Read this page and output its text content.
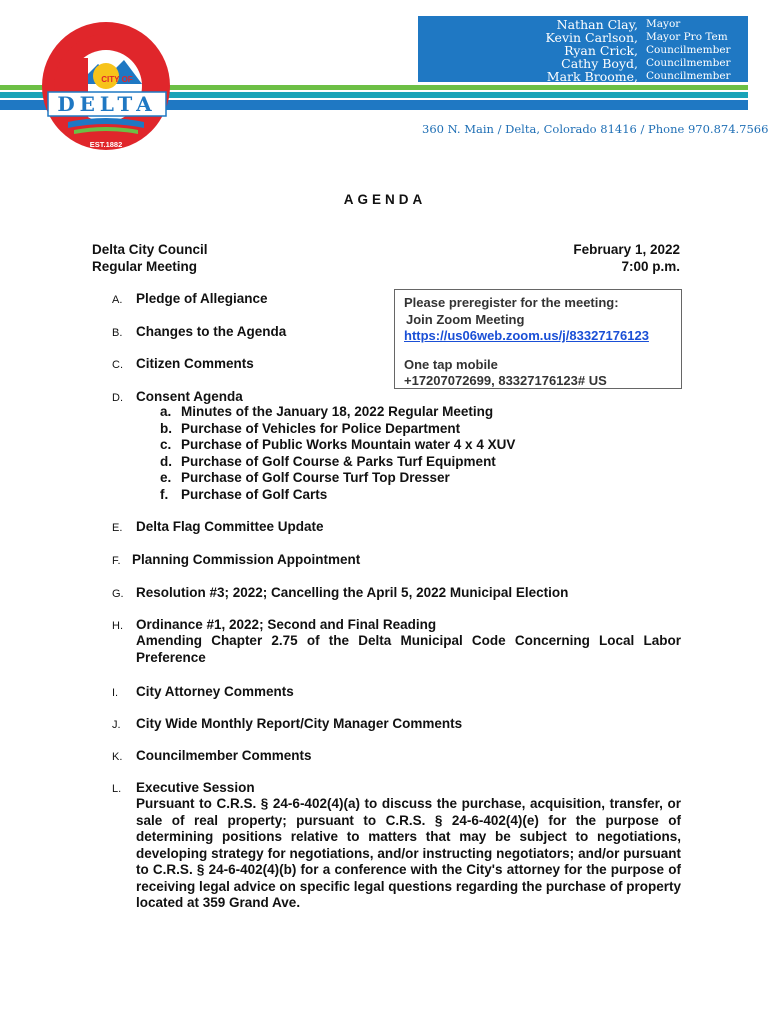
CITY OF
DELTA
EST.1882
Nathan Clay,
Kevin Carlson,
Ryan Crick,
Cathy Boyd,
Mark Broome,
Mayor
Mayor Pro Tem
Councilmember
Councilmember
Councilmember
360 N. Main / Delta, Colorado 81416 / Phone 970.874.7566
AGENDA
Delta City Council
Regular Meeting
February 1, 2022
7:00 p.m.
Please preregister for the meeting:
Join Zoom Meeting
https://us06web.zoom.us/j/83327176123
One tap mobile
+17207072699, 83327176123# US
A. Pledge of Allegiance
B. Changes to the Agenda
C. Citizen Comments
D. Consent Agenda
a. Minutes of the January 18, 2022 Regular Meeting
b. Purchase of Vehicles for Police Department
c. Purchase of Public Works Mountain water 4 x 4 XUV
d. Purchase of Golf Course & Parks Turf Equipment
e. Purchase of Golf Course Turf Top Dresser
f. Purchase of Golf Carts
E. Delta Flag Committee Update
F. Planning Commission Appointment
G. Resolution #3; 2022; Cancelling the April 5, 2022 Municipal Election
H. Ordinance #1, 2022; Second and Final Reading
Amending Chapter 2.75 of the Delta Municipal Code Concerning Local Labor Preference
I. City Attorney Comments
J. City Wide Monthly Report/City Manager Comments
K. Councilmember Comments
L. Executive Session
Pursuant to C.R.S. § 24-6-402(4)(a) to discuss the purchase, acquisition, transfer, or sale of real property; pursuant to C.R.S. § 24-6-402(4)(e) for the purpose of determining positions relative to matters that may be subject to negotiations, developing strategy for negotiations, and/or instructing negotiators; and/or pursuant to C.R.S. § 24-6-402(4)(b) for a conference with the City's attorney for the purpose of receiving legal advice on specific legal questions regarding the purchase of property located at 359 Grand Ave.
